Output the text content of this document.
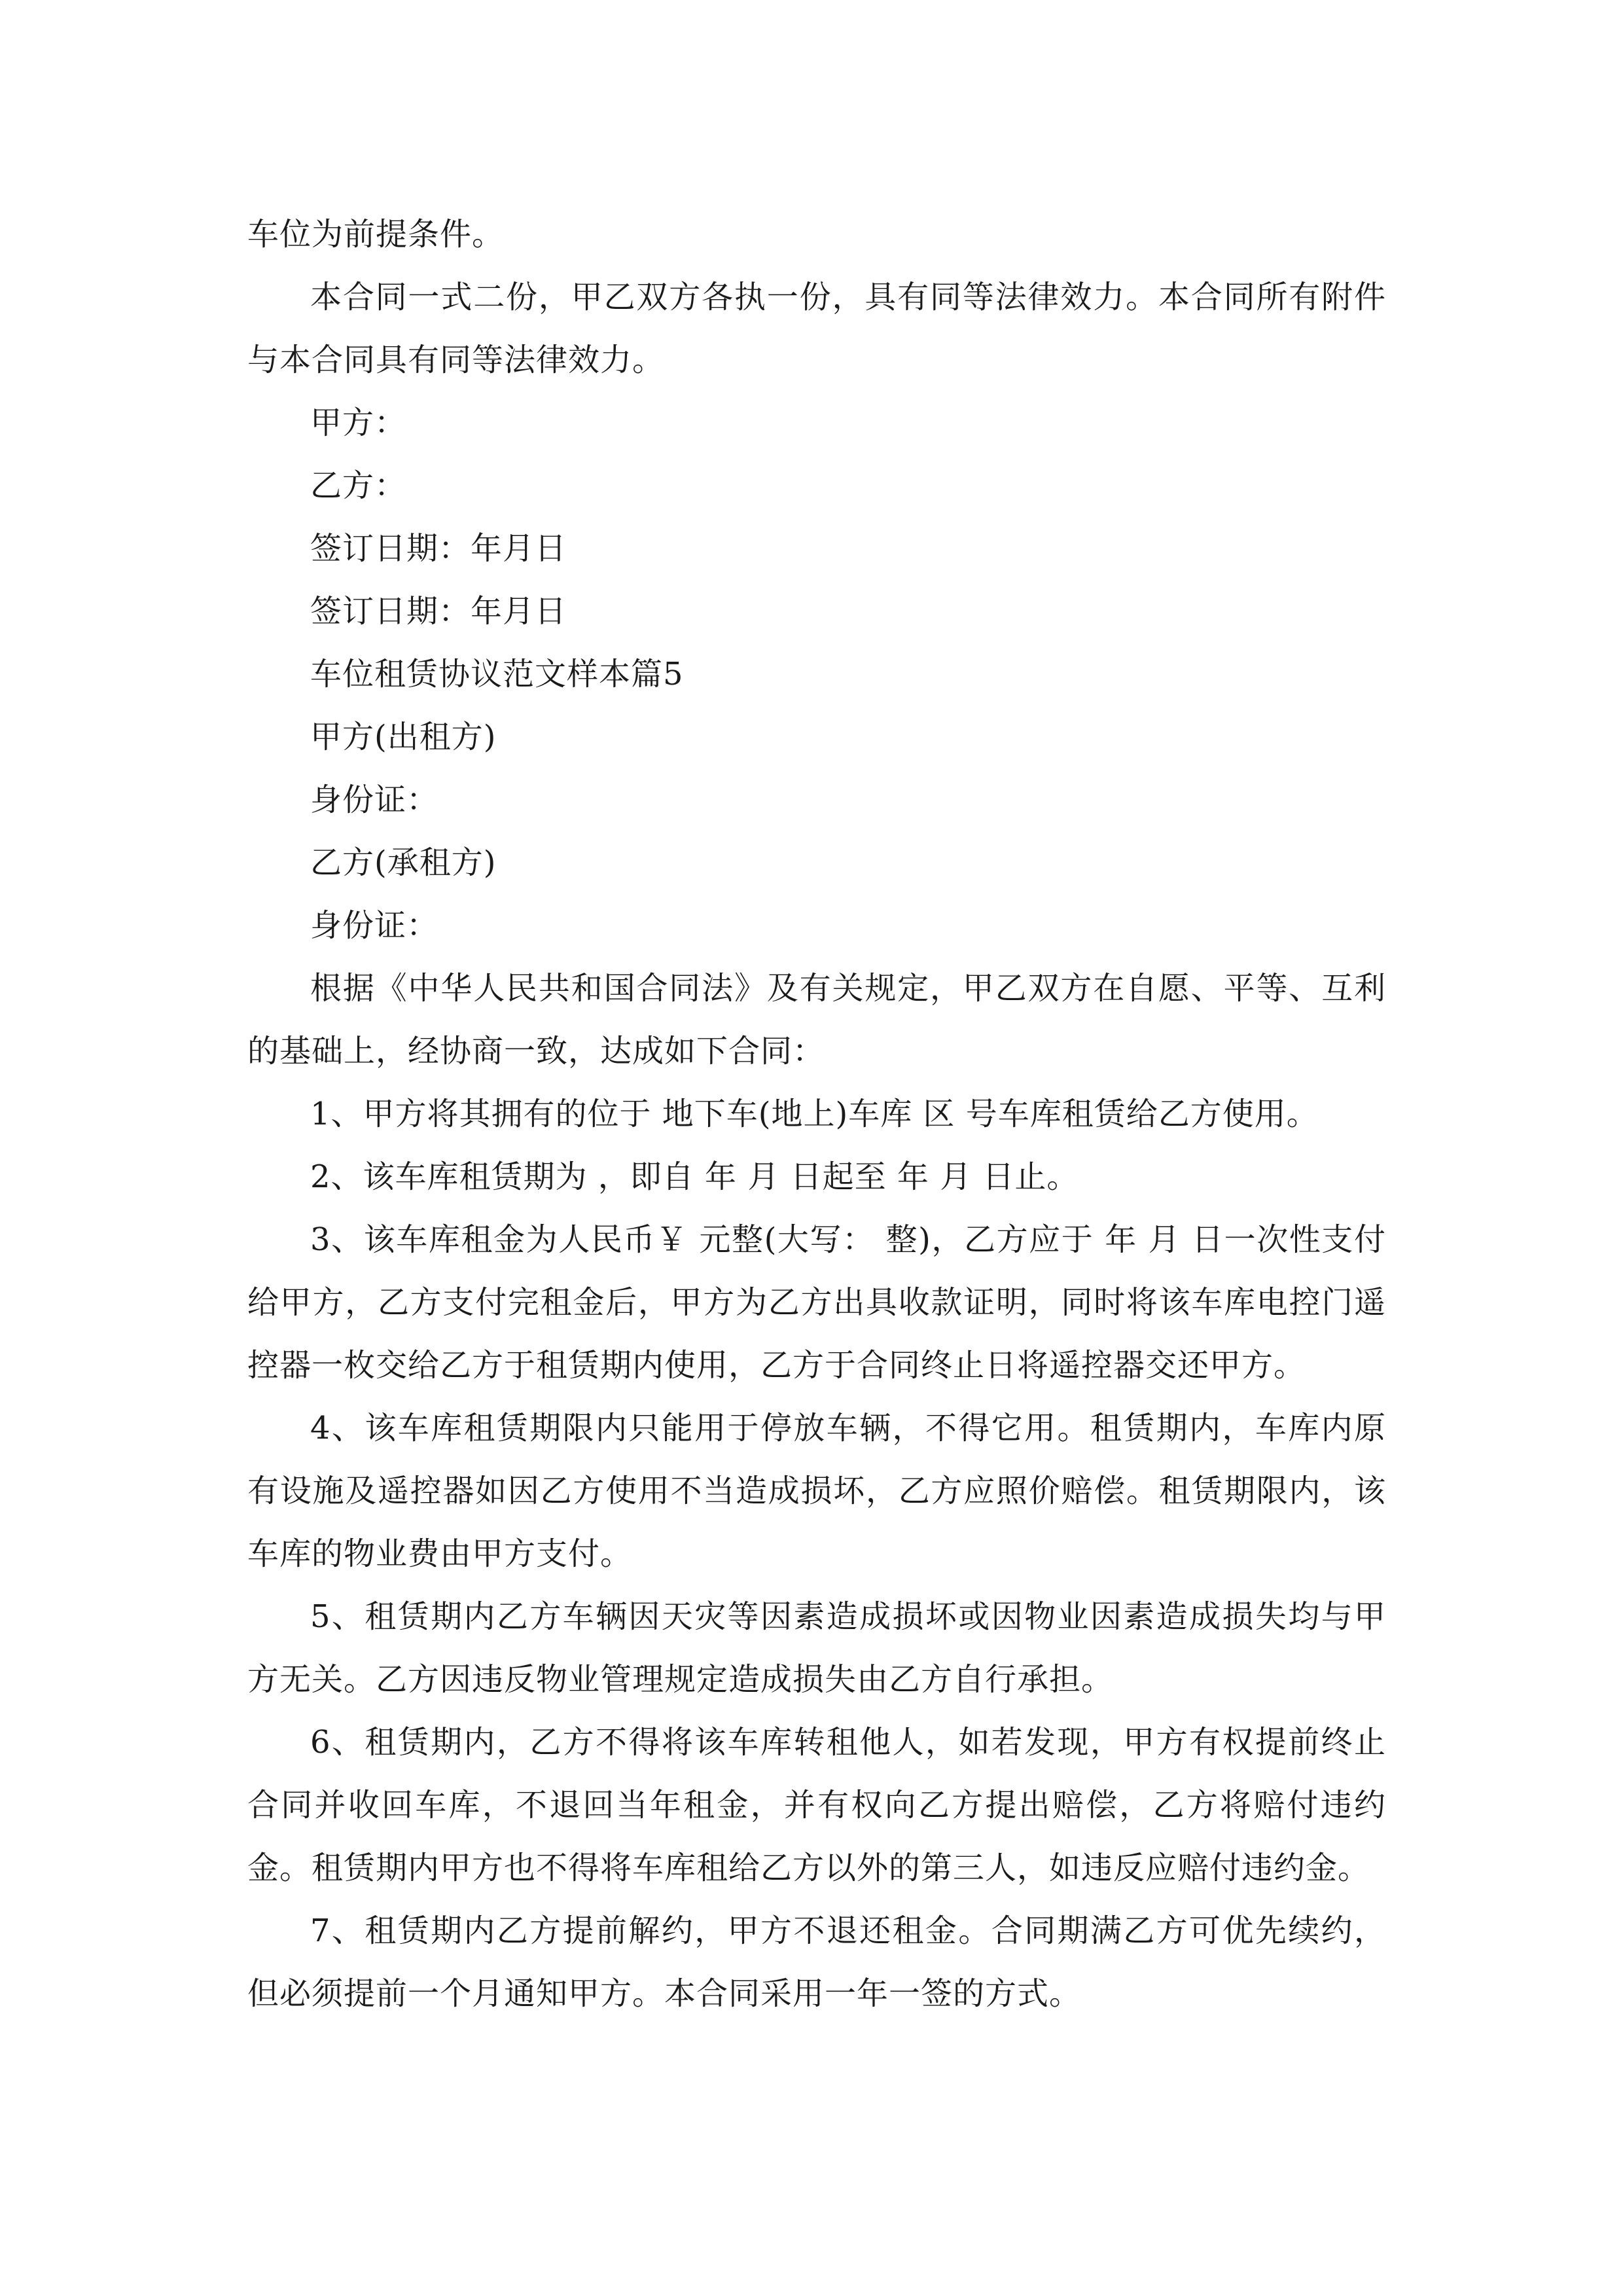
车位为前提条件。

本合同一式二份，甲乙双方各执一份，具有同等法律效力。本合同所有附件与本合同具有同等法律效力。

甲方：

乙方：

签订日期：年月日

签订日期：年月日

车位租赁协议范文样本篇5

甲方(出租方)

身份证：

乙方(承租方)

身份证：

根据《中华人民共和国合同法》及有关规定，甲乙双方在自愿、平等、互利的基础上，经协商一致，达成如下合同：

1、甲方将其拥有的位于 地下车(地上)车库 区 号车库租赁给乙方使用。

2、该车库租赁期为 ，即自 年 月 日起至 年 月 日止。

3、该车库租金为人民币￥ 元整(大写： 整)，乙方应于 年 月 日一次性支付给甲方，乙方支付完租金后，甲方为乙方出具收款证明，同时将该车库电控门遥控器一枚交给乙方于租赁期内使用，乙方于合同终止日将遥控器交还甲方。

4、该车库租赁期限内只能用于停放车辆，不得它用。租赁期内，车库内原有设施及遥控器如因乙方使用不当造成损坏，乙方应照价赔偿。租赁期限内，该车库的物业费由甲方支付。

5、租赁期内乙方车辆因天灾等因素造成损坏或因物业因素造成损失均与甲方无关。乙方因违反物业管理规定造成损失由乙方自行承担。

6、租赁期内，乙方不得将该车库转租他人，如若发现，甲方有权提前终止合同并收回车库，不退回当年租金，并有权向乙方提出赔偿，乙方将赔付违约金。租赁期内甲方也不得将车库租给乙方以外的第三人，如违反应赔付违约金。

7、租赁期内乙方提前解约，甲方不退还租金。合同期满乙方可优先续约，但必须提前一个月通知甲方。本合同采用一年一签的方式。
